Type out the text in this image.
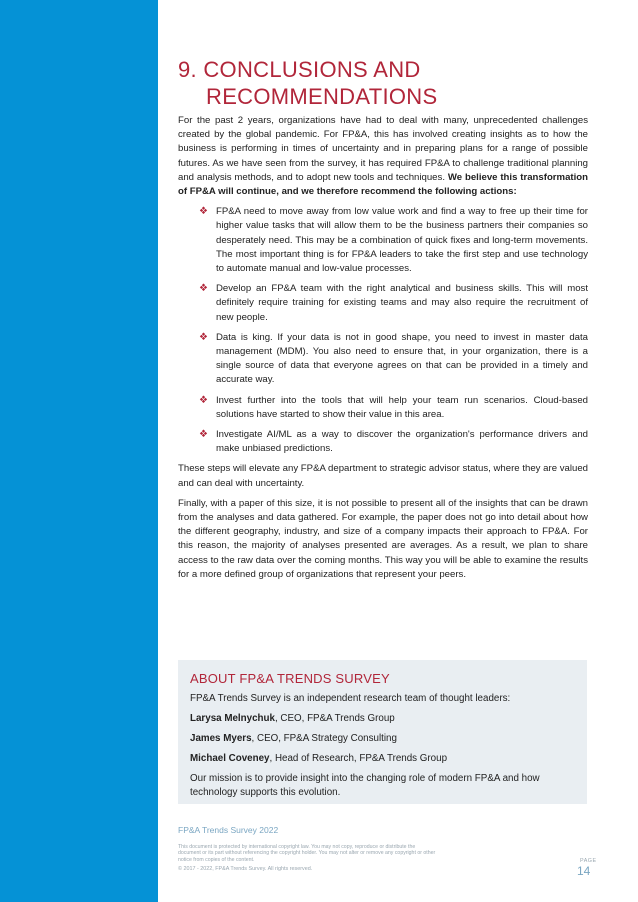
9. CONCLUSIONS AND RECOMMENDATIONS

For the past 2 years, organizations have had to deal with many, unprecedented challenges created by the global pandemic. For FP&A, this has involved creating insights as to how the business is performing in times of uncertainty and in preparing plans for a range of possible futures. As we have seen from the survey, it has required FP&A to challenge traditional planning and analysis methods, and to adopt new tools and techniques. We believe this transformation of FP&A will continue, and we therefore recommend the following actions:

❖ FP&A need to move away from low value work and find a way to free up their time for higher value tasks that will allow them to be the business partners their companies so desperately need. This may be a combination of quick fixes and long-term movements. The most important thing is for FP&A leaders to take the first step and use technology to automate manual and low-value processes.
❖ Develop an FP&A team with the right analytical and business skills. This will most definitely require training for existing teams and may also require the recruitment of new people.
❖ Data is king. If your data is not in good shape, you need to invest in master data management (MDM). You also need to ensure that, in your organization, there is a single source of data that everyone agrees on that can be provided in a timely and accurate way.
❖ Invest further into the tools that will help your team run scenarios. Cloud-based solutions have started to show their value in this area.
❖ Investigate AI/ML as a way to discover the organization's performance drivers and make unbiased predictions.

These steps will elevate any FP&A department to strategic advisor status, where they are valued and can deal with uncertainty.

Finally, with a paper of this size, it is not possible to present all of the insights that can be drawn from the analyses and data gathered. For example, the paper does not go into detail about how the different geography, industry, and size of a company impacts their approach to FP&A. For this reason, the majority of analyses presented are averages. As a result, we plan to share access to the raw data over the coming months. This way you will be able to examine the results for a more defined group of organizations that represent your peers.

ABOUT FP&A TRENDS SURVEY

FP&A Trends Survey is an independent research team of thought leaders:

Larysa Melnychuk, CEO, FP&A Trends Group

James Myers, CEO, FP&A Strategy Consulting

Michael Coveney, Head of Research, FP&A Trends Group

Our mission is to provide insight into the changing role of modern FP&A and how technology supports this evolution.

FP&A Trends Survey 2022
This document is protected by international copyright law. You may not copy, reproduce or distribute the document or its part without referencing the copyright holder. You may not alter or remove any copyright or other notice from copies of the content.
© 2017 - 2022, FP&A Trends Survey. All rights reserved.
PAGE
14
